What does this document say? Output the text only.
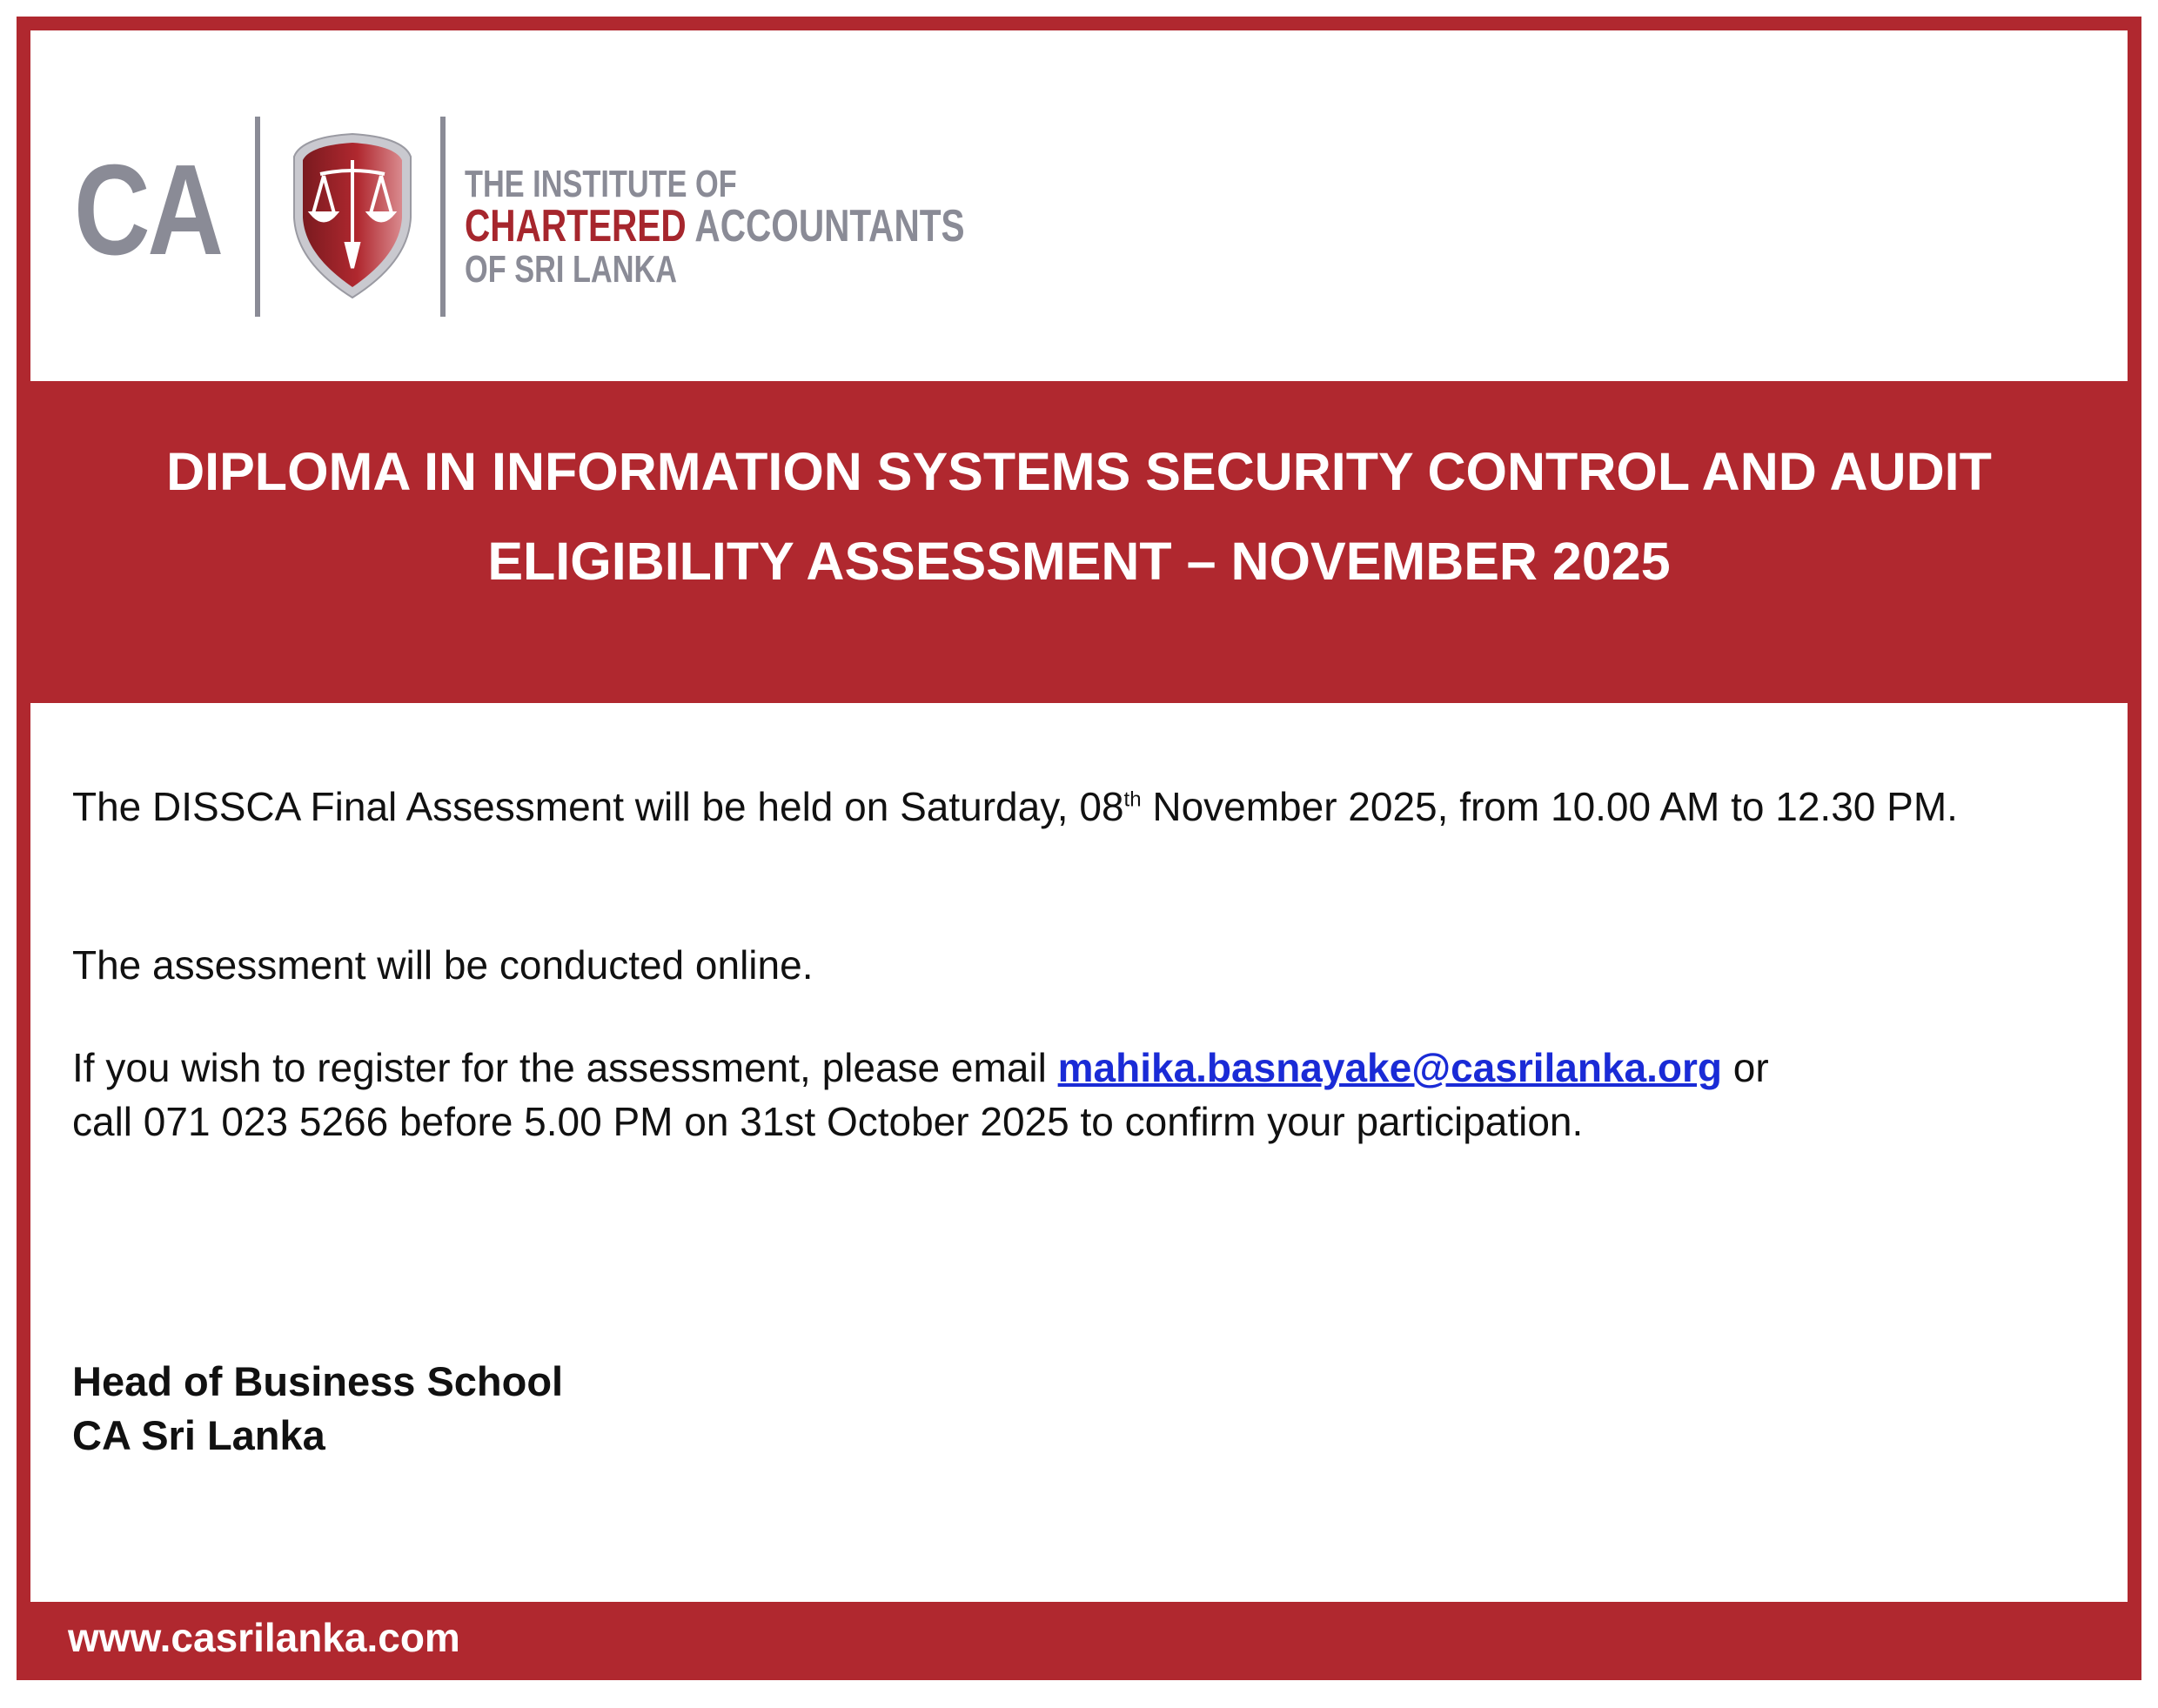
CA	THE INSTITUTE OF
CHARTERED ACCOUNTANTS
OF SRI LANKA
DIPLOMA IN INFORMATION SYSTEMS SECURITY CONTROL AND AUDIT
ELIGIBILITY ASSESSMENT – NOVEMBER 2025
The DISSCA Final Assessment will be held on Saturday, 08th November 2025, from 10.00 AM to 12.30 PM.
The assessment will be conducted online.
If you wish to register for the assessment, please email mahika.basnayake@casrilanka.org or
call 071 023 5266 before 5.00 PM on 31st October 2025 to confirm your participation.
Head of Business School
CA Sri Lanka
www.casrilanka.com
